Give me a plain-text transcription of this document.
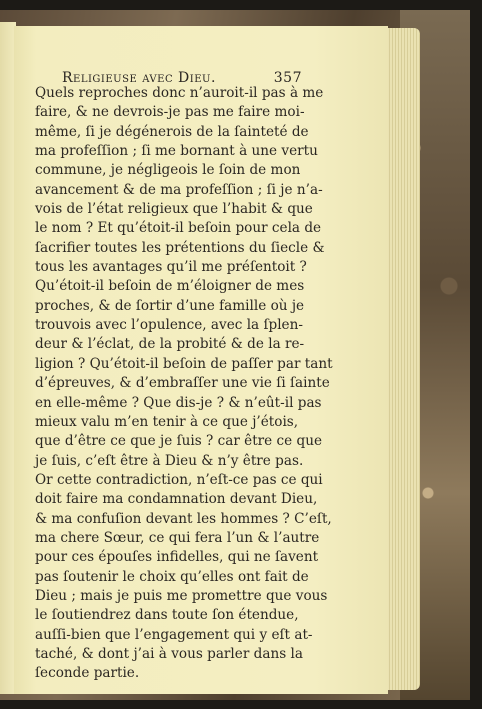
Religieuse avec Dieu.	357
Quels reproches donc n’auroit-il pas à me
faire, & ne devrois-je pas me faire moi-
même, ſi je dégénerois de la ſainteté de
ma profeſſion ; ſi me bornant à une vertu
commune, je négligeois le ſoin de mon
avancement & de ma profeſſion ; ſi je n’a-
vois de l’état religieux que l’habit & que
le nom ? Et qu’étoit-il beſoin pour cela de
ſacrifier toutes les prétentions du ſiecle &
tous les avantages qu’il me préſentoit ?
Qu’étoit-il beſoin de m’éloigner de mes
proches, & de ſortir d’une famille où je
trouvois avec l’opulence, avec la ſplen-
deur & l’éclat, de la probité & de la re-
ligion ? Qu’étoit-il beſoin de paſſer par tant
d’épreuves, & d’embraſſer une vie ſi ſainte
en elle-même ? Que dis-je ? & n’eût-il pas
mieux valu m’en tenir à ce que j’étois,
que d’être ce que je ſuis ? car être ce que
je ſuis, c’eſt être à Dieu & n’y être pas.
Or cette contradiction, n’eſt-ce pas ce qui
doit faire ma condamnation devant Dieu,
& ma confuſion devant les hommes ? C’eſt,
ma chere Sœur, ce qui fera l’un & l’autre
pour ces épouſes infidelles, qui ne ſavent
pas ſoutenir le choix qu’elles ont fait de
Dieu ; mais je puis me promettre que vous
le ſoutiendrez dans toute ſon étendue,
auſſi-bien que l’engagement qui y eſt at-
taché, & dont j’ai à vous parler dans la
ſeconde partie.
